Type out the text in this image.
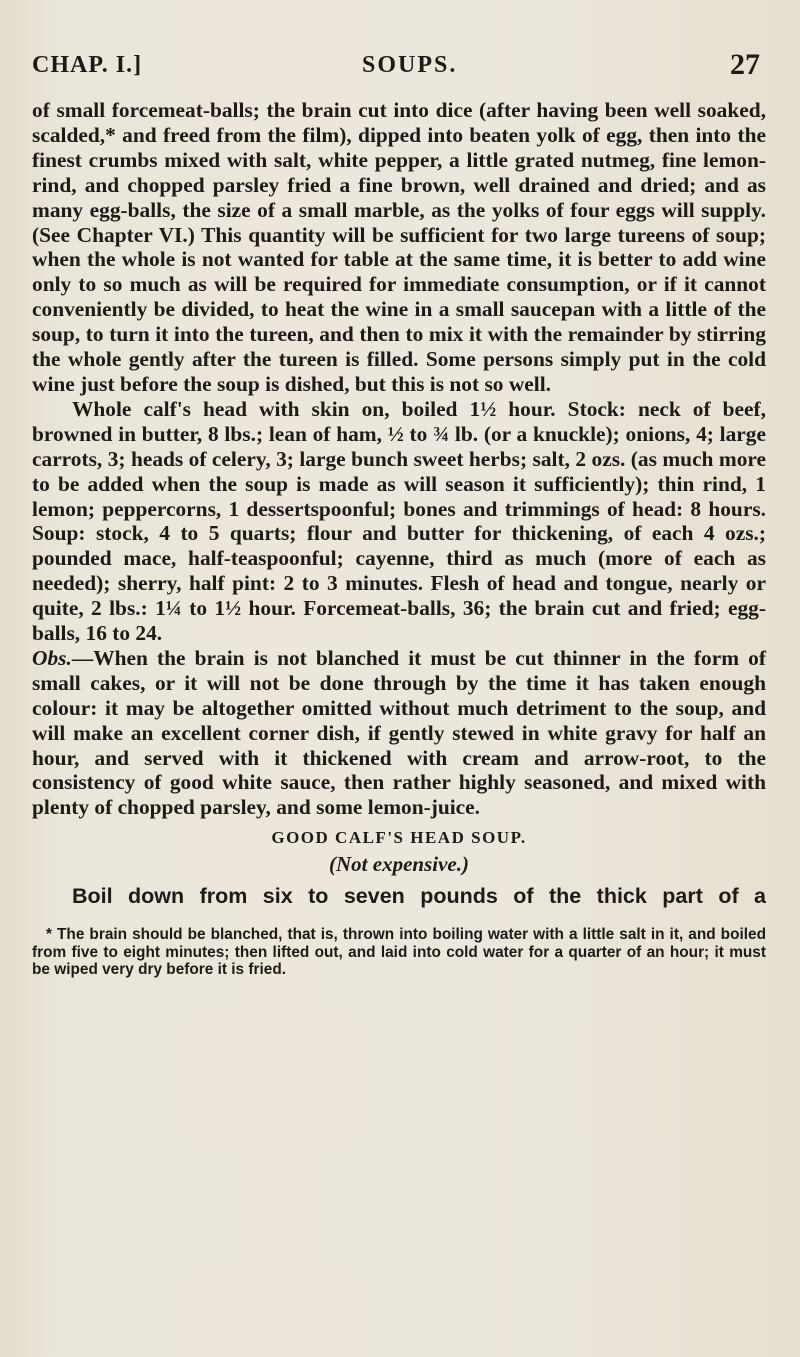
CHAP. I.]	SOUPS.	27

of small forcemeat-balls; the brain cut into dice (after having been well soaked, scalded,* and freed from the film), dipped into beaten yolk of egg, then into the finest crumbs mixed with salt, white pepper, a little grated nutmeg, fine lemon-rind, and chopped parsley fried a fine brown, well drained and dried; and as many egg-balls, the size of a small marble, as the yolks of four eggs will supply. (See Chapter VI.) This quantity will be sufficient for two large tureens of soup; when the whole is not wanted for table at the same time, it is better to add wine only to so much as will be required for immediate consumption, or if it cannot conveniently be divided, to heat the wine in a small saucepan with a little of the soup, to turn it into the tureen, and then to mix it with the remainder by stirring the whole gently after the tureen is filled. Some persons simply put in the cold wine just before the soup is dished, but this is not so well.

Whole calf's head with skin on, boiled 1½ hour. Stock: neck of beef, browned in butter, 8 lbs.; lean of ham, ½ to ¾ lb. (or a knuckle); onions, 4; large carrots, 3; heads of celery, 3; large bunch sweet herbs; salt, 2 ozs. (as much more to be added when the soup is made as will season it sufficiently); thin rind, 1 lemon; peppercorns, 1 dessertspoonful; bones and trimmings of head: 8 hours. Soup: stock, 4 to 5 quarts; flour and butter for thickening, of each 4 ozs.; pounded mace, half-teaspoonful; cayenne, third as much (more of each as needed); sherry, half pint: 2 to 3 minutes. Flesh of head and tongue, nearly or quite, 2 lbs.: 1¼ to 1½ hour. Forcemeat-balls, 36; the brain cut and fried; egg-balls, 16 to 24.

Obs.—When the brain is not blanched it must be cut thinner in the form of small cakes, or it will not be done through by the time it has taken enough colour: it may be altogether omitted without much detriment to the soup, and will make an excellent corner dish, if gently stewed in white gravy for half an hour, and served with it thickened with cream and arrow-root, to the consistency of good white sauce, then rather highly seasoned, and mixed with plenty of chopped parsley, and some lemon-juice.

GOOD CALF'S HEAD SOUP.

(Not expensive.)

Boil down from six to seven pounds of the thick part of a

* The brain should be blanched, that is, thrown into boiling water with a little salt in it, and boiled from five to eight minutes; then lifted out, and laid into cold water for a quarter of an hour; it must be wiped very dry before it is fried.
